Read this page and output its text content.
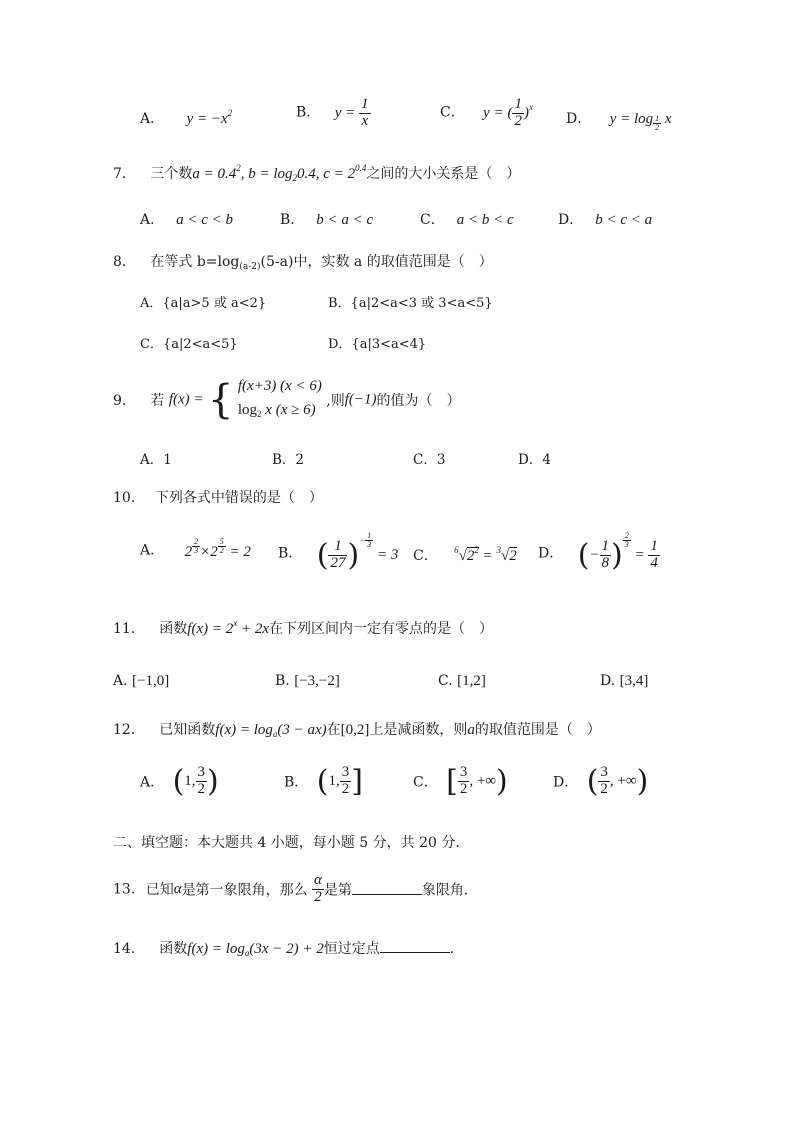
A． $y = -x^2$	B． $y = \frac{1}{x}$	C． y = ( $\frac{1}{2} )^x$
D． y = log $_{\frac{1}{2}}$ x
7． 三个数$a = 0.4^2$, $b = \log_20.4$, $c = 2^{0.4}$之间的大小关系是（　）
A． a < c < b	B． b < a < c	C． a < b < c	D． b < c < a
8． 在等式 $b=\log_{(a-2)}(5-a)$中，实数 a 的取值范围是（　）
A．{a|a>5 或 a<2}	B．{a|2<a<3 或 3<a<5}
C．{a|2<a<5}	D．{a|3<a<4}
9． 若 f(x) = { f(x+3) (x < 6)
$\log_2 x$ (x ≥ 6)
,则f(−1)的值为（　）
A．1	B．2	C．3	D．4
10． 下列各式中错误的是（　）
A． 2 $^{\frac{2}{3}}$ ×2 $^{\frac{5}{2}}$ = 2 B． ( $\frac{1}{27} )^{- \frac{1}{3}}$
= 3 C． $^6√2^2 = ^3√2$ D． (− $\frac{1}{8}$ ) $^{\frac{2}{3}}$
= $\frac{1}{4}$
11． 函数$f(x) = 2^x + 2x$在下列区间内一定有零点的是（　）
A. [−1,0]	B. [−3,−2]	C. [1,2]	D. [3,4]
12． 已知函数$f(x) = \log_a(3 - ax)$在[0,2]上是减函数，则a的取值范围是（　）
A． (1, $\frac{3}{2}$ )	B． (1, $\frac{3}{2}$ ]	C． [ $\frac{3}{2}$ , +∞)	D． ( $\frac{3}{2}$ , +∞)
二、填空题：本大题共 4 小题，每小题 5 分，共 20 分．
13. 已知α是第一象限角，那么 $\frac{\alpha}{2}$ 是第	象限角．
14． 函数$f(x) = \log_a(3x - 2) + 2$恒过定点	．
